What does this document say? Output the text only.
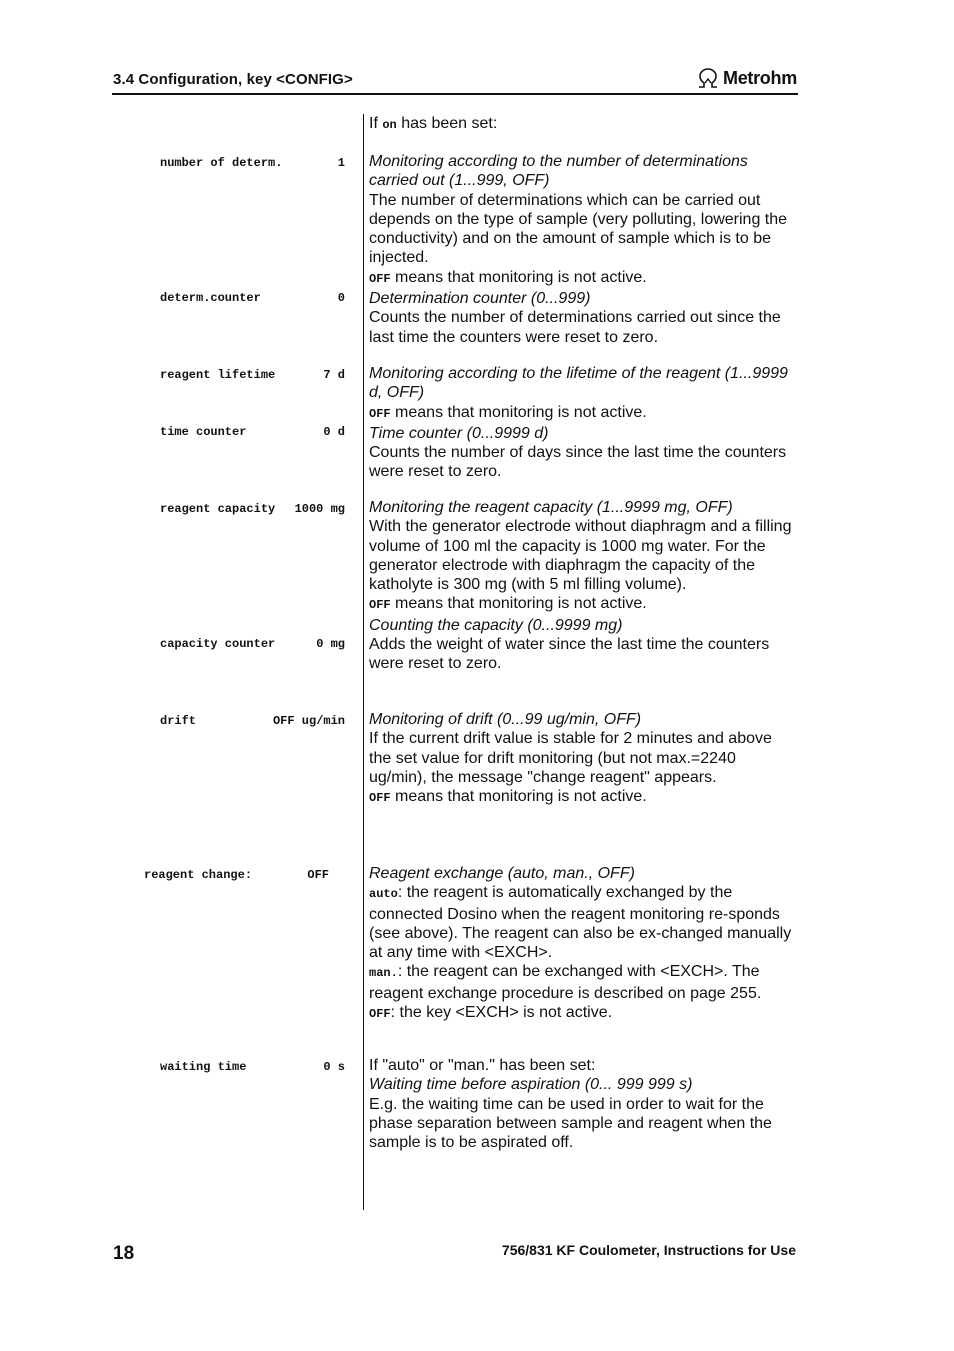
3.4 Configuration, key <CONFIG>	Metrohm
number of determ.	1
determ.counter	0
reagent lifetime	7 d
time counter	0 d
reagent capacity 1000 mg
capacity counter	0 mg
drift	OFF ug/min
reagent change:	OFF
waiting time	0 s

If on has been set:

Monitoring according to the number of determinations carried out (1...999, OFF)

The number of determinations which can be carried out depends on the type of sample (very polluting, lowering the conductivity) and on the amount of sample which is to be injected.

OFF means that monitoring is not active.

Determination counter (0...999)

Counts the number of determinations carried out since the last time the counters were reset to zero.

Monitoring according to the lifetime of the reagent (1...9999 d, OFF)

OFF means that monitoring is not active.

Time counter (0...9999 d)

Counts the number of days since the last time the counters were reset to zero.

Monitoring the reagent capacity (1...9999 mg, OFF)

With the generator electrode without diaphragm and a filling volume of 100 ml the capacity is 1000 mg water. For the generator electrode with diaphragm the capacity of the katholyte is 300 mg (with 5 ml filling volume).

OFF means that monitoring is not active.

Counting the capacity (0...9999 mg)

Adds the weight of water since the last time the counters were reset to zero.

Monitoring of drift (0...99 ug/min, OFF)

If the current drift value is stable for 2 minutes and above the set value for drift monitoring (but not max.=2240 ug/min), the message "change reagent" appears.

OFF means that monitoring is not active.

Reagent exchange (auto, man., OFF)

auto: the reagent is automatically exchanged by the connected Dosino when the reagent monitoring re-sponds (see above). The reagent can also be ex-changed manually at any time with <EXCH>.

man.: the reagent can be exchanged with <EXCH>. The reagent exchange procedure is described on page 255.

OFF: the key <EXCH> is not active.

If "auto" or "man." has been set:

Waiting time before aspiration (0... 999 999 s)

E.g. the waiting time can be used in order to wait for the phase separation between sample and reagent when the sample is to be aspirated off.

18	756/831 KF Coulometer, Instructions for Use
